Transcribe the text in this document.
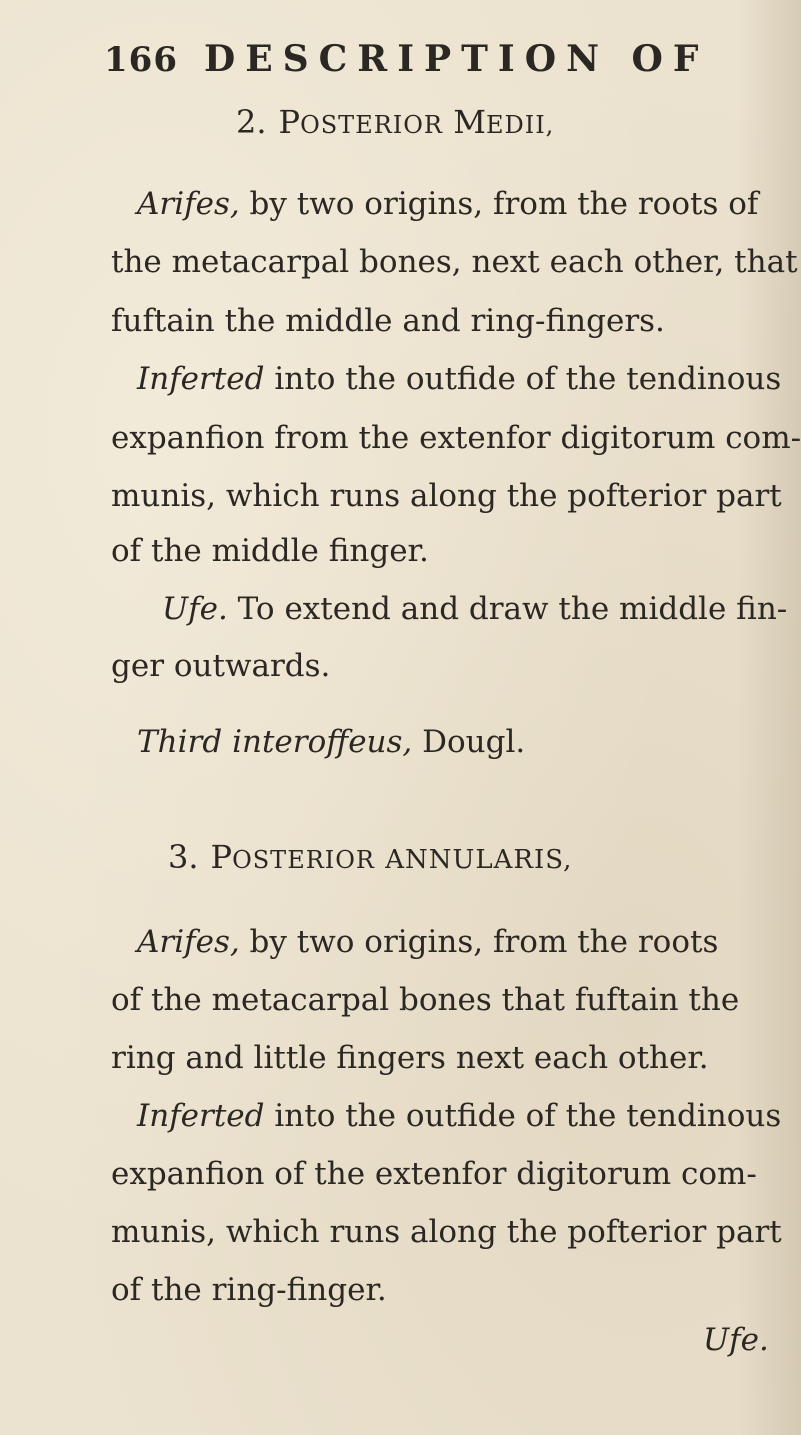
166 DESCRIPTION OF
2. POSTERIOR MEDII,
Arifes, by two origins, from the roots of
the metacarpal bones, next each other, that
fuftain the middle and ring-fingers.
Inferted into the outfide of the tendinous
expanfion from the extenfor digitorum com-
munis, which runs along the pofterior part
of the middle finger.
Ufe. To extend and draw the middle fin-
ger outwards.
Third interoffeus, Dougl.
3. POSTERIOR ANNULARIS,
Arifes, by two origins, from the roots
of the metacarpal bones that fuftain the
ring and little fingers next each other.
Inferted into the outfide of the tendinous
expanfion of the extenfor digitorum com-
munis, which runs along the pofterior part
of the ring-finger.
Ufe.
